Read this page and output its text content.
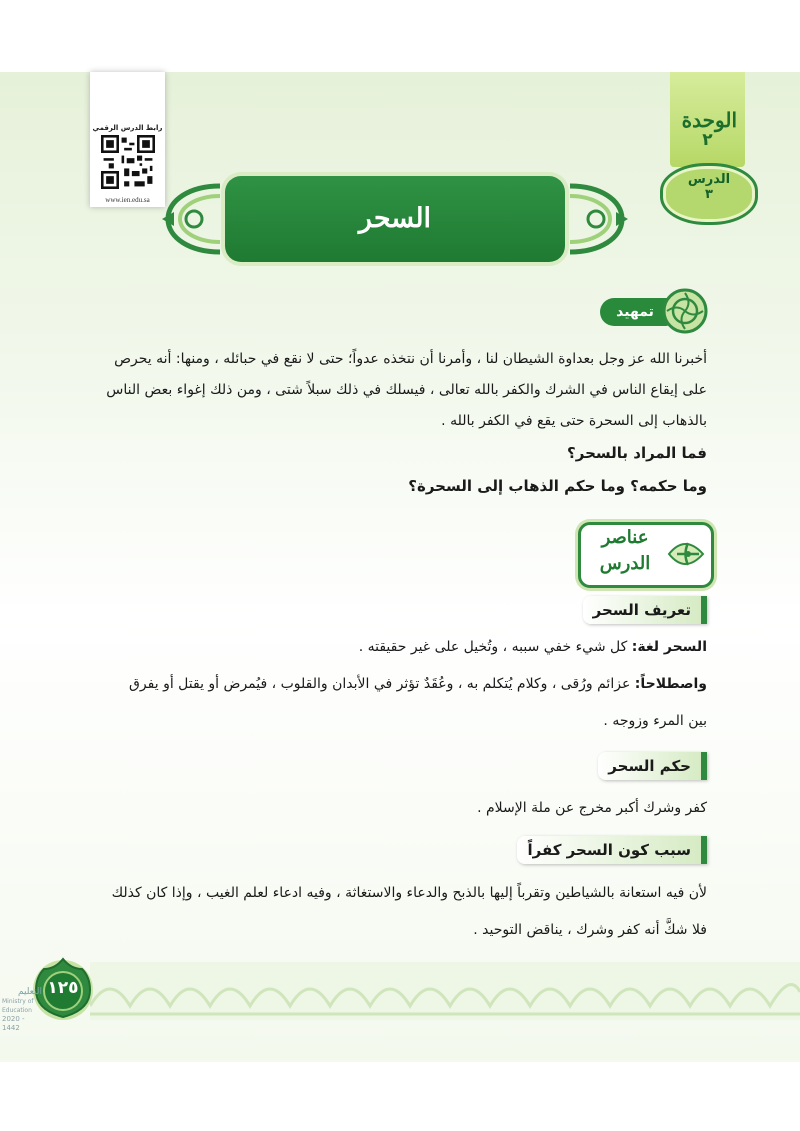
رابط الدرس الرقمي
www.ien.edu.sa
الوحدة
٢
الدرس
٣
السحر
تمهيد
أخبرنا الله عز وجل بعداوة الشيطان لنا ، وأمرنا أن نتخذه عدواً؛ حتى لا نقع في حبائله ، ومنها: أنه يحرص
على إيقاع الناس في الشرك والكفر بالله تعالى ، فيسلك في ذلك سبلاً شتى ، ومن ذلك إغواء بعض الناس
بالذهاب إلى السحرة حتى يقع في الكفر بالله .
فما المراد بالسحر؟
وما حكمه؟ وما حكم الذهاب إلى السحرة؟
عناصر
الدرس
تعريف السحر
السحر لغة: كل شيء خفي سببه ، وتُخيل على غير حقيقته .
واصطلاحاً: عزائم ورُقى ، وكلام يُتكلم به ، وعُقَدٌ تؤثر في الأبدان والقلوب ، فيُمرض أو يقتل أو يفرق
بين المرء وزوجه .
حكم السحر
كفر وشرك أكبر مخرج عن ملة الإسلام .
سبب كون السحر كفراً
لأن فيه استعانة بالشياطين وتقرباً إليها بالذبح والدعاء والاستغاثة ، وفيه ادعاء لعلم الغيب ، وإذا كان كذلك
فلا شكَّ أنه كفر وشرك ، يناقض التوحيد .
١٢٥
التعليم
Ministry of Education
2020 - 1442
